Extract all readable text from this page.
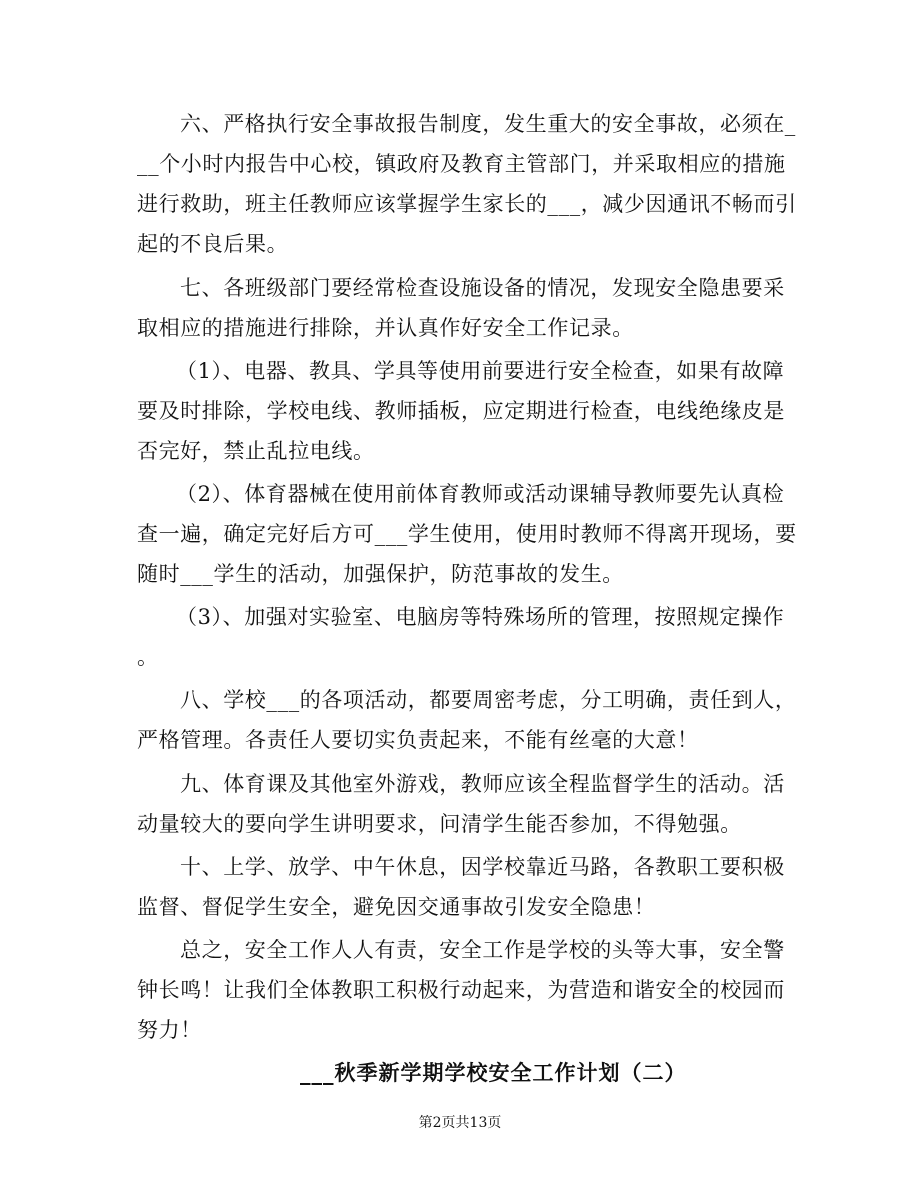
六、严格执行安全事故报告制度，发生重大的安全事故，必须在_
__个小时内报告中心校，镇政府及教育主管部门，并采取相应的措施
进行救助，班主任教师应该掌握学生家长的___，减少因通讯不畅而引
起的不良后果。
七、各班级部门要经常检查设施设备的情况，发现安全隐患要采
取相应的措施进行排除，并认真作好安全工作记录。
（1）、电器、教具、学具等使用前要进行安全检查，如果有故障
要及时排除，学校电线、教师插板，应定期进行检查，电线绝缘皮是
否完好，禁止乱拉电线。
（2）、体育器械在使用前体育教师或活动课辅导教师要先认真检
查一遍，确定完好后方可___学生使用，使用时教师不得离开现场，要
随时___学生的活动，加强保护，防范事故的发生。
（3）、加强对实验室、电脑房等特殊场所的管理，按照规定操作
。
八、学校___的各项活动，都要周密考虑，分工明确，责任到人，
严格管理。各责任人要切实负责起来，不能有丝毫的大意！
九、体育课及其他室外游戏，教师应该全程监督学生的活动。活
动量较大的要向学生讲明要求，问清学生能否参加，不得勉强。
十、上学、放学、中午休息，因学校靠近马路，各教职工要积极
监督、督促学生安全，避免因交通事故引发安全隐患！
总之，安全工作人人有责，安全工作是学校的头等大事，安全警
钟长鸣！让我们全体教职工积极行动起来，为营造和谐安全的校园而
努力！
___秋季新学期学校安全工作计划（二）
第2页共13页
